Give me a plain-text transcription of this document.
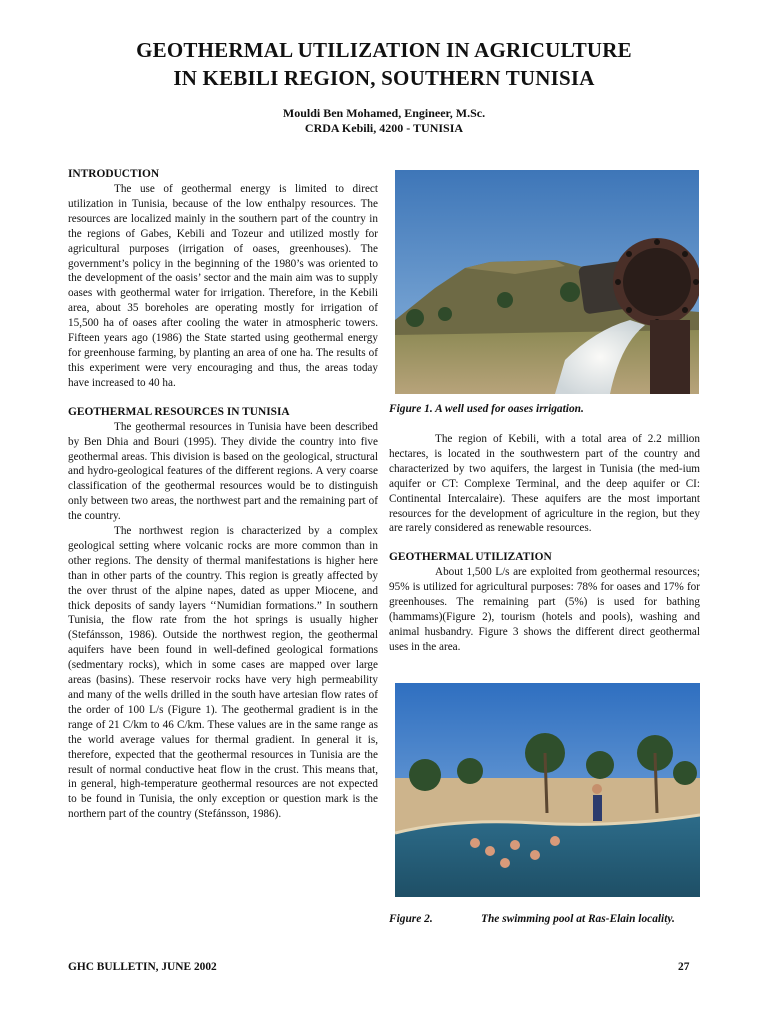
GEOTHERMAL UTILIZATION IN AGRICULTURE
IN KEBILI REGION, SOUTHERN TUNISIA
Mouldi Ben Mohamed, Engineer, M.Sc.
CRDA Kebili, 4200 - TUNISIA
INTRODUCTION

The use of geothermal energy is limited to direct utilization in Tunisia, because of the low enthalpy resources. The resources are localized mainly in the southern part of the country in the regions of Gabes, Kebili and Tozeur and utilized mostly for agricultural purposes (irrigation of oases, greenhouses). The government’s policy in the beginning of the 1980’s was oriented to the development of the oasis’ sector and the main aim was to supply oases with geothermal water for irrigation. Therefore, in the Kebili area, about 35 boreholes are operating mostly for irrigation of 15,500 ha of oases after cooling the water in atmospheric towers. Fifteen years ago (1986) the State started using geothermal energy for greenhouse farming, by planting an area of one ha. The results of this experiment were very encouraging and thus, the areas today have increased to 40 ha.

GEOTHERMAL RESOURCES IN TUNISIA

The geothermal resources in Tunisia have been described by Ben Dhia and Bouri (1995). They divide the country into five geothermal areas. This division is based on the geological, structural and hydro-geological features of the different regions. A very coarse classification of the geothermal resources would be to distinguish only between two areas, the northwest part and the remaining part of the country.

The northwest region is characterized by a complex geological setting where volcanic rocks are more common than in other regions. The density of thermal manifestations is higher here than in other parts of the country. This region is greatly affected by the over thrust of the alpine napes, dated as upper Miocene, and thick deposits of sandy layers ‘‘Numidian formations.” In southern Tunisia, the flow rate from the hot springs is usually higher (Stefánsson, 1986). Outside the northwest region, the geothermal aquifers have been found in well-defined geological formations (sedmentary rocks), which in some cases are mapped over large areas (basins). These reservoir rocks have very high permeability and many of the wells drilled in the south have artesian flow rates of the order of 100 L/s (Figure 1). The geothermal gradient is in the range of 21 C/km to 46 C/km. These values are in the same range as the world average values for thermal gradient. In general it is, therefore, expected that the geothermal resources in Tunisia are the result of normal conductive heat flow in the crust. This means that, in general, high-temperature geothermal resources are not expected to be found in Tunisia, the only exception or question mark is the northern part of the country (Stefánsson, 1986).

The region of Kebili, with a total area of 2.2 million hectares, is located in the southwestern part of the country and characterized by two aquifers, the largest in Tunisia (the med-ium aquifer or CT: Complexe Terminal, and the deep aquifer or CI: Continental Intercalaire). These aquifers are the most important resources for the development of agriculture in the region, but they are rarely considered as renewable resources.

GEOTHERMAL UTILIZATION

About 1,500 L/s are exploited from geothermal resources; 95% is utilized for agricultural purposes: 78% for oases and 17% for greenhouses. The remaining part (5%) is used for bathing (hammams)(Figure 2), tourism (hotels and pools), washing and animal husbandry. Figure 3 shows the different direct geothermal uses in the area.

Figure 1. A well used for oases irrigation.
Figure 2.	The swimming pool at Ras-Elain locality.
GHC BULLETIN, JUNE 2002	27
